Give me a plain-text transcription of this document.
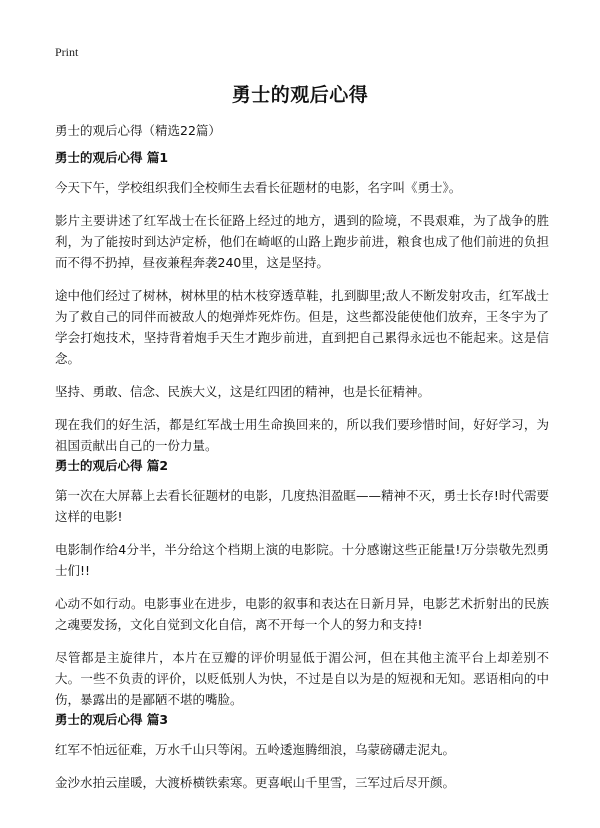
Print
勇士的观后心得
勇士的观后心得（精选22篇）
勇士的观后心得 篇1

今天下午，学校组织我们全校师生去看长征题材的电影，名字叫《勇士》。

影片主要讲述了红军战士在长征路上经过的地方，遇到的险境，不畏艰难，为了战争的胜利，为了能按时到达泸定桥，他们在崎岖的山路上跑步前进，粮食也成了他们前进的负担而不得不扔掉，昼夜兼程奔袭240里，这是坚持。

途中他们经过了树林，树林里的枯木枝穿透草鞋，扎到脚里;敌人不断发射攻击，红军战士为了救自己的同伴而被敌人的炮弹炸死炸伤。但是，这些都没能使他们放弃，王冬宇为了学会打炮技术，坚持背着炮手天生才跑步前进，直到把自己累得永远也不能起来。这是信念。

坚持、勇敢、信念、民族大义，这是红四团的精神，也是长征精神。

现在我们的好生活，都是红军战士用生命换回来的，所以我们要珍惜时间，好好学习，为祖国贡献出自己的一份力量。

勇士的观后心得 篇2

第一次在大屏幕上去看长征题材的电影，几度热泪盈眶——精神不灭，勇士长存!时代需要这样的电影!

电影制作给4分半，半分给这个档期上演的电影院。十分感谢这些正能量!万分崇敬先烈勇士们!!

心动不如行动。电影事业在进步，电影的叙事和表达在日新月异，电影艺术折射出的民族之魂要发扬，文化自觉到文化自信，离不开每一个人的努力和支持!

尽管都是主旋律片，本片在豆瓣的评价明显低于湄公河，但在其他主流平台上却差别不大。一些不负责的评价，以贬低别人为快，不过是自以为是的短视和无知。恶语相向的中伤，暴露出的是鄙陋不堪的嘴脸。

勇士的观后心得 篇3

红军不怕远征难，万水千山只等闲。五岭逶迤腾细浪，乌蒙磅礴走泥丸。

金沙水拍云崖暖，大渡桥横铁索寒。更喜岷山千里雪，三军过后尽开颜。
